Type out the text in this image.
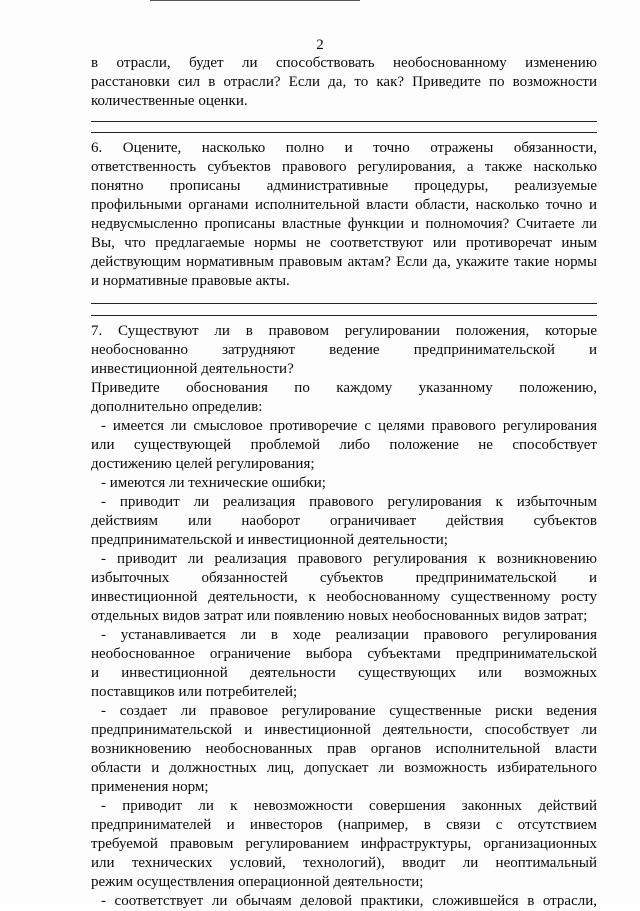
2

в отрасли, будет ли способствовать необоснованному изменению

расстановки сил в отрасли? Если да, то как? Приведите по возможности

количественные оценки.

6. Оцените, насколько полно и точно отражены обязанности,

ответственность субъектов правового регулирования, а также насколько

понятно прописаны административные процедуры, реализуемые

профильными органами исполнительной власти области, насколько точно и

недвусмысленно прописаны властные функции и полномочия? Считаете ли

Вы, что предлагаемые нормы не соответствуют или противоречат иным

действующим нормативным правовым актам? Если да, укажите такие нормы

и нормативные правовые акты.

7. Существуют ли в правовом регулировании положения, которые

необоснованно затрудняют ведение предпринимательской и

инвестиционной деятельности?

Приведите обоснования по каждому указанному положению,

дополнительно определив:

- имеется ли смысловое противоречие с целями правового регулирования

или существующей проблемой либо положение не способствует

достижению целей регулирования;

- имеются ли технические ошибки;

- приводит ли реализация правового регулирования к избыточным

действиям или наоборот ограничивает действия субъектов

предпринимательской и инвестиционной деятельности;

- приводит ли реализация правового регулирования к возникновению

избыточных обязанностей субъектов предпринимательской и

инвестиционной деятельности, к необоснованному существенному росту

отдельных видов затрат или появлению новых необоснованных видов затрат;

- устанавливается ли в ходе реализации правового регулирования

необоснованное ограничение выбора субъектами предпринимательской

и инвестиционной деятельности существующих или возможных

поставщиков или потребителей;

- создает ли правовое регулирование существенные риски ведения

предпринимательской и инвестиционной деятельности, способствует ли

возникновению необоснованных прав органов исполнительной власти

области и должностных лиц, допускает ли возможность избирательного

применения норм;

- приводит ли к невозможности совершения законных действий

предпринимателей и инвесторов (например, в связи с отсутствием

требуемой правовым регулированием инфраструктуры, организационных

или технических условий, технологий), вводит ли неоптимальный

режим осуществления операционной деятельности;

- соответствует ли обычаям деловой практики, сложившейся в отрасли,
